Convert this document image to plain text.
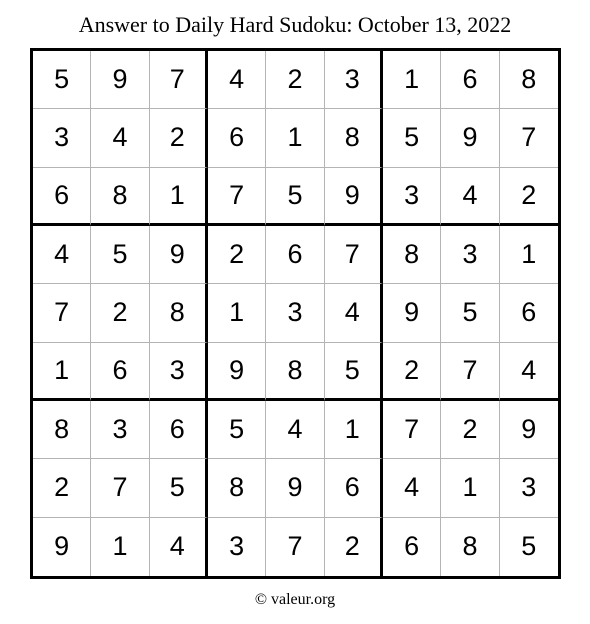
Answer to Daily Hard Sudoku: October 13, 2022
5	9	7	4	2	3	1	6	8
3	4	2	6	1	8	5	9	7
6	8	1	7	5	9	3	4	2
4	5	9	2	6	7	8	3	1
7	2	8	1	3	4	9	5	6
1	6	3	9	8	5	2	7	4
8	3	6	5	4	1	7	2	9
2	7	5	8	9	6	4	1	3
9	1	4	3	7	2	6	8	5
© valeur.org
